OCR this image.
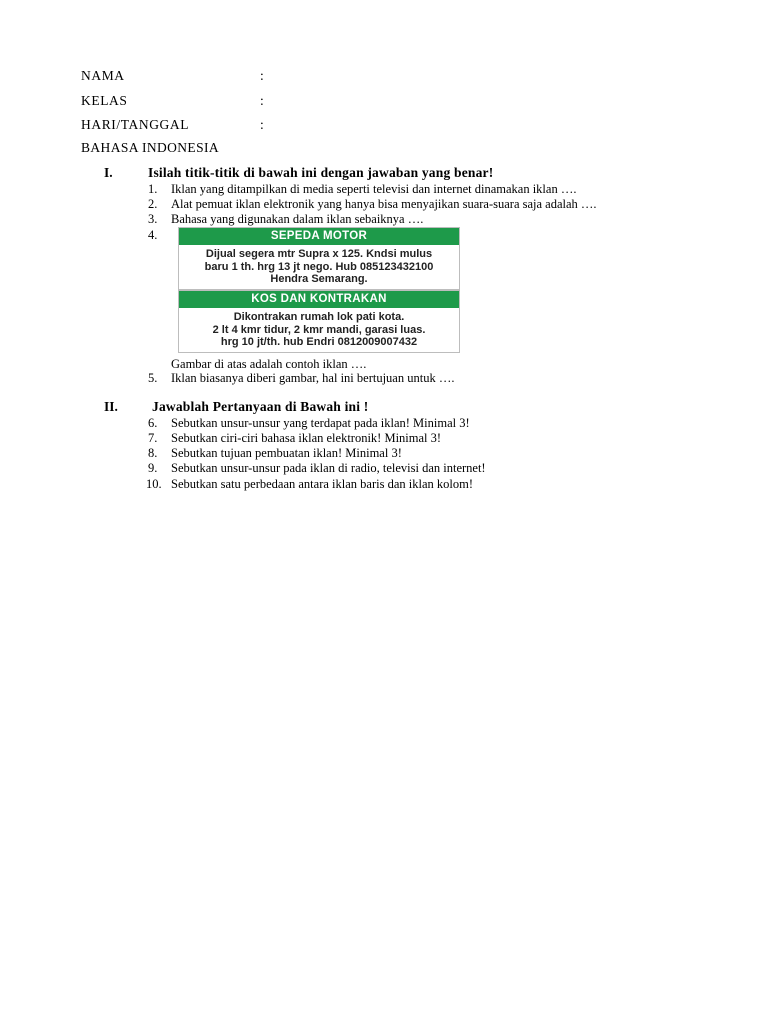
NAMA	:
KELAS	:
HARI/TANGGAL	:
BAHASA INDONESIA
I.	Isilah titik-titik di bawah ini dengan jawaban yang benar!
1.	Iklan yang ditampilkan di media seperti televisi dan internet dinamakan iklan ….
2.	Alat pemuat iklan elektronik yang hanya bisa menyajikan suara-suara saja adalah ….
3.	Bahasa yang digunakan dalam iklan sebaiknya ….
4.	SEPEDA MOTOR
Dijual segera mtr Supra x 125. Kndsi mulus
baru 1 th. hrg 13 jt nego. Hub 085123432100
Hendra Semarang.
KOS DAN KONTRAKAN
Dikontrakan rumah lok pati kota.
2 lt 4 kmr tidur, 2 kmr mandi, garasi luas.
hrg 10 jt/th. hub Endri 0812009007432
Gambar di atas adalah contoh iklan ….
5.	Iklan biasanya diberi gambar, hal ini bertujuan untuk ….
II.	Jawablah Pertanyaan di Bawah ini !
6.	Sebutkan unsur-unsur yang terdapat pada iklan! Minimal 3!
7.	Sebutkan ciri-ciri bahasa iklan elektronik! Minimal 3!
8.	Sebutkan tujuan pembuatan iklan! Minimal 3!
9.	Sebutkan unsur-unsur pada iklan di radio, televisi dan internet!
10. Sebutkan satu perbedaan antara iklan baris dan iklan kolom!
